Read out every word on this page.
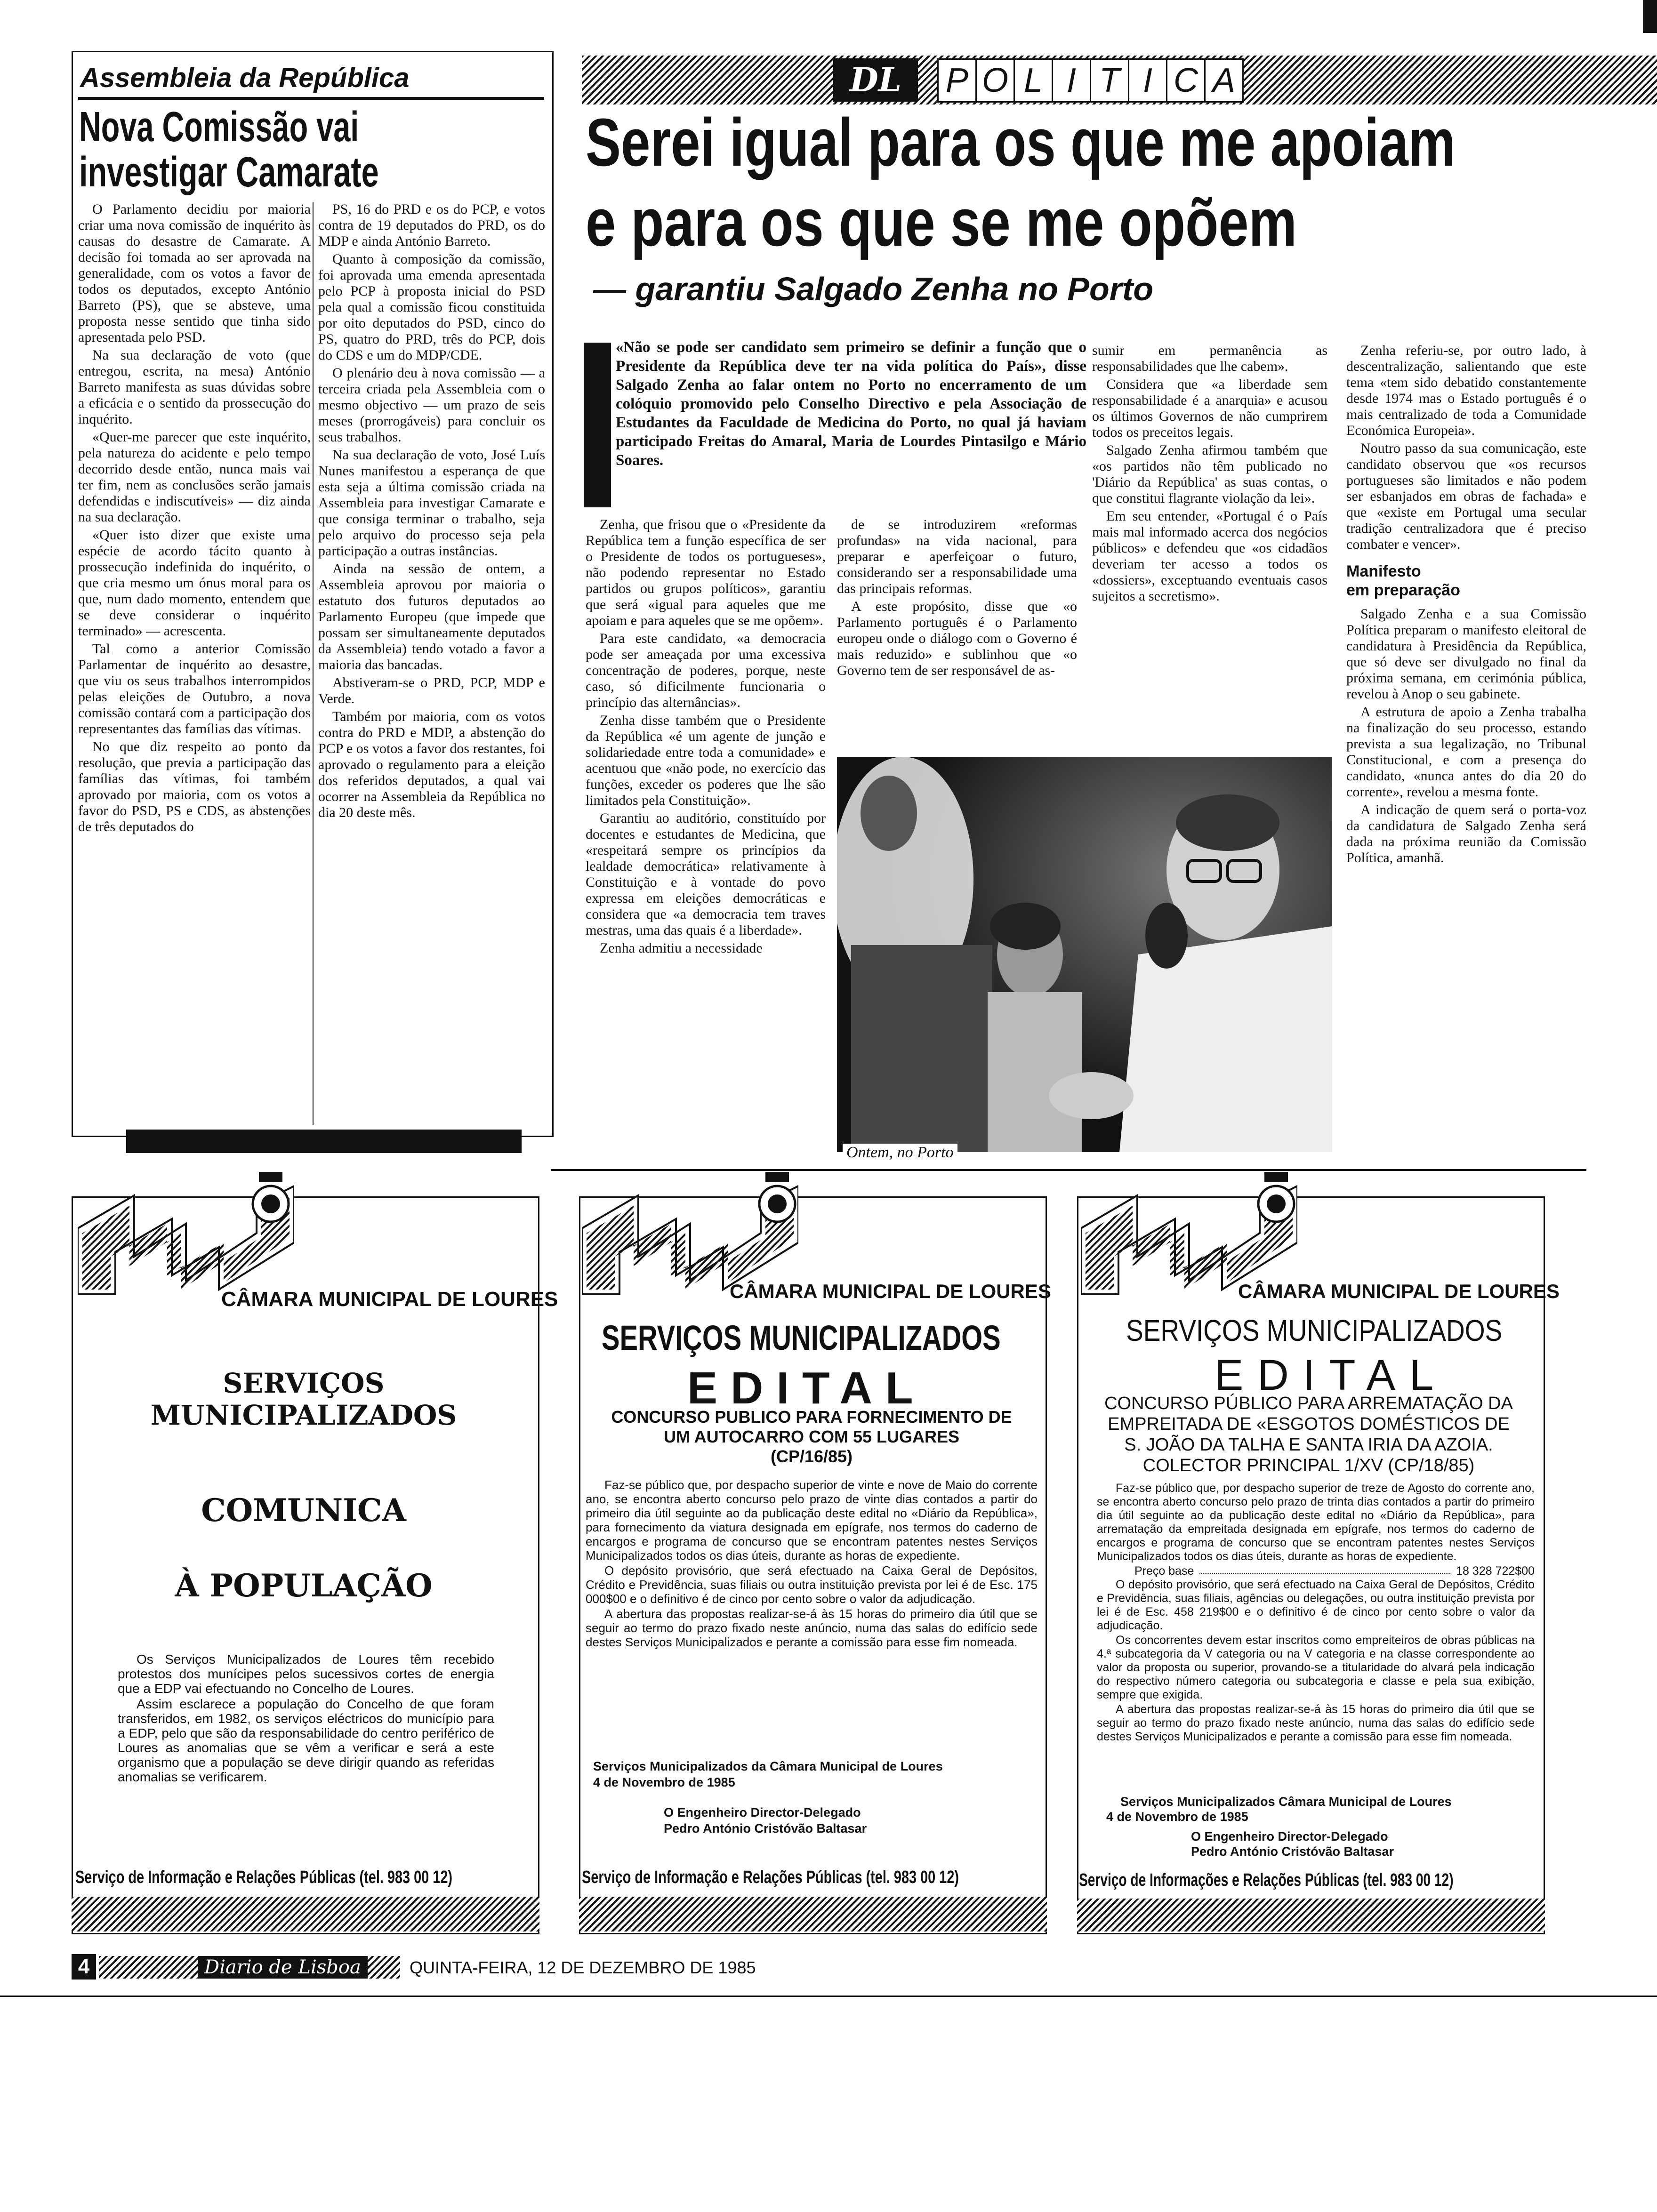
Assembleia da República
Nova Comissão vai
investigar Camarate

O Parlamento decidiu por maioria criar uma nova comissão de inquérito às causas do desastre de Camarate. A decisão foi tomada ao ser aprovada na generalidade, com os votos a favor de todos os deputados, excepto António Barreto (PS), que se absteve, uma proposta nesse sentido que tinha sido apresentada pelo PSD.

Na sua declaração de voto (que entregou, escrita, na mesa) António Barreto manifesta as suas dúvidas sobre a eficácia e o sentido da prossecução do inquérito.

«Quer-me parecer que este inquérito, pela natureza do acidente e pelo tempo decorrido desde então, nunca mais vai ter fim, nem as conclusões serão jamais defendidas e indiscutíveis» — diz ainda na sua declaração.

«Quer isto dizer que existe uma espécie de acordo tácito quanto à prossecução indefinida do inquérito, o que cria mesmo um ónus moral para os que, num dado momento, entendem que se deve considerar o inquérito terminado» — acrescenta.

Tal como a anterior Comissão Parlamentar de inquérito ao desastre, que viu os seus trabalhos interrompidos pelas eleições de Outubro, a nova comissão contará com a participação dos representantes das famílias das vítimas.

No que diz respeito ao ponto da resolução, que previa a participação das famílias das vítimas, foi também aprovado por maioria, com os votos a favor do PSD, PS e CDS, as abstenções de três deputados do

PS, 16 do PRD e os do PCP, e votos contra de 19 deputados do PRD, os do MDP e ainda António Barreto.

Quanto à composição da comissão, foi aprovada uma emenda apresentada pelo PCP à proposta inicial do PSD pela qual a comissão ficou constituida por oito deputados do PSD, cinco do PS, quatro do PRD, três do PCP, dois do CDS e um do MDP/CDE.

O plenário deu à nova comissão — a terceira criada pela Assembleia com o mesmo objectivo — um prazo de seis meses (prorrogáveis) para concluir os seus trabalhos.

Na sua declaração de voto, José Luís Nunes manifestou a esperança de que esta seja a última comissão criada na Assembleia para investigar Camarate e que consiga terminar o trabalho, seja pelo arquivo do processo seja pela participação a outras instâncias.

Ainda na sessão de ontem, a Assembleia aprovou por maioria o estatuto dos futuros deputados ao Parlamento Europeu (que impede que possam ser simultaneamente deputados da Assembleia) tendo votado a favor a maioria das bancadas.

Abstiveram-se o PRD, PCP, MDP e Verde.

Também por maioria, com os votos contra do PRD e MDP, a abstenção do PCP e os votos a favor dos restantes, foi aprovado o regulamento para a eleição dos referidos deputados, a qual vai ocorrer na Assembleia da República no dia 20 deste mês.

DL	P O L I T I C A
Serei igual para os que me apoiam
e para os que se me opõem
— garantiu Salgado Zenha no Porto
«Não se pode ser candidato sem primeiro se definir a função que o Presidente da República deve ter na vida política do País», disse Salgado Zenha ao falar ontem no Porto no encerramento de um colóquio promovido pelo Conselho Directivo e pela Associação de Estudantes da Faculdade de Medicina do Porto, no qual já haviam participado Freitas do Amaral, Maria de Lourdes Pintasilgo e Mário Soares.

Zenha, que frisou que o «Presidente da República tem a função específica de ser o Presidente de todos os portugueses», não podendo representar no Estado partidos ou grupos políticos», garantiu que será «igual para aqueles que me apoiam e para aqueles que se me opõem».

Para este candidato, «a democracia pode ser ameaçada por uma excessiva concentração de poderes, porque, neste caso, só dificilmente funcionaria o princípio das alternâncias».

Zenha disse também que o Presidente da República «é um agente de junção e solidariedade entre toda a comunidade» e acentuou que «não pode, no exercício das funções, exceder os poderes que lhe são limitados pela Constituição».

Garantiu ao auditório, constituído por docentes e estudantes de Medicina, que «respeitará sempre os princípios da lealdade democrática» relativamente à Constituição e à vontade do povo expressa em eleições democráticas e considera que «a democracia tem traves mestras, uma das quais é a liberdade».

Zenha admitiu a necessidade

de se introduzirem «reformas profundas» na vida nacional, para preparar e aperfeiçoar o futuro, considerando ser a responsabilidade uma das principais reformas.

A este propósito, disse que «o Parlamento português é o Parlamento europeu onde o diálogo com o Governo é mais reduzido» e sublinhou que «o Governo tem de ser responsável de as-

sumir em permanência as responsabilidades que lhe cabem».

Considera que «a liberdade sem responsabilidade é a anarquia» e acusou os últimos Governos de não cumprirem todos os preceitos legais.

Salgado Zenha afirmou também que «os partidos não têm publicado no 'Diário da República' as suas contas, o que constitui flagrante violação da lei».

Em seu entender, «Portugal é o País mais mal informado acerca dos negócios públicos» e defendeu que «os cidadãos deveriam ter acesso a todos os «dossiers», exceptuando eventuais casos sujeitos a secretismo».

Zenha referiu-se, por outro lado, à descentralização, salientando que este tema «tem sido debatido constantemente desde 1974 mas o Estado português é o mais centralizado de toda a Comunidade Económica Europeia».

Noutro passo da sua comunicação, este candidato observou que «os recursos portugueses são limitados e não podem ser esbanjados em obras de fachada» e que «existe em Portugal uma secular tradição centralizadora que é preciso combater e vencer».

Manifesto
em preparação

Salgado Zenha e a sua Comissão Política preparam o manifesto eleitoral de candidatura à Presidência da República, que só deve ser divulgado no final da próxima semana, em cerimónia pública, revelou à Anop o seu gabinete.

A estrutura de apoio a Zenha trabalha na finalização do seu processo, estando prevista a sua legalização, no Tribunal Constitucional, e com a presença do candidato, «nunca antes do dia 20 do corrente», revelou a mesma fonte.

A indicação de quem será o porta-voz da candidatura de Salgado Zenha será dada na próxima reunião da Comissão Política, amanhã.

Ontem, no Porto
CÂMARA MUNICIPAL DE LOURES
SERVIÇOS MUNICIPALIZADOS
COMUNICA
À POPULAÇÃO

Os Serviços Municipalizados de Loures têm recebido protestos dos munícipes pelos sucessivos cortes de energia que a EDP vai efectuando no Concelho de Loures.

Assim esclarece a população do Concelho de que foram transferidos, em 1982, os serviços eléctricos do município para a EDP, pelo que são da responsabilidade do centro periférico de Loures as anomalias que se vêm a verificar e será a este organismo que a população se deve dirigir quando as referidas anomalias se verificarem.

Serviço de Informação e Relações Públicas (tel. 983 00 12)
CÂMARA MUNICIPAL DE LOURES
SERVIÇOS MUNICIPALIZADOS
EDITAL
CONCURSO PUBLICO PARA FORNECIMENTO DE
UM AUTOCARRO COM 55 LUGARES
(CP/16/85)

Faz-se público que, por despacho superior de vinte e nove de Maio do corrente ano, se encontra aberto concurso pelo prazo de vinte dias contados a partir do primeiro dia útil seguinte ao da publicação deste edital no «Diário da República», para fornecimento da viatura designada em epígrafe, nos termos do caderno de encargos e programa de concurso que se encontram patentes nestes Serviços Municipalizados todos os dias úteis, durante as horas de expediente.

O depósito provisório, que será efectuado na Caixa Geral de Depósitos, Crédito e Previdência, suas filiais ou outra instituição prevista por lei é de Esc. 175 000$00 e o definitivo é de cinco por cento sobre o valor da adjudicação.

A abertura das propostas realizar-se-á às 15 horas do primeiro dia útil que se seguir ao termo do prazo fixado neste anúncio, numa das salas do edifício sede destes Serviços Municipalizados e perante a comissão para esse fim nomeada.

Serviços Municipalizados da Câmara Municipal de Loures
4 de Novembro de 1985
O Engenheiro Director-Delegado
Pedro António Cristóvão Baltasar
Serviço de Informação e Relações Públicas (tel. 983 00 12)
CÂMARA MUNICIPAL DE LOURES
SERVIÇOS MUNICIPALIZADOS
EDITAL
CONCURSO PÚBLICO PARA ARREMATAÇÃO DA
EMPREITADA DE «ESGOTOS DOMÉSTICOS DE
S. JOÃO DA TALHA E SANTA IRIA DA AZOIA.
COLECTOR PRINCIPAL 1/XV (CP/18/85)

Faz-se público que, por despacho superior de treze de Agosto do corrente ano, se encontra aberto concurso pelo prazo de trinta dias contados a partir do primeiro dia útil seguinte ao da publicação deste edital no «Diário da República», para arrematação da empreitada designada em epígrafe, nos termos do caderno de encargos e programa de concurso que se encontram patentes nestes Serviços Municipalizados todos os dias úteis, durante as horas de expediente.

Preço base	18 328 722$00

O depósito provisório, que será efectuado na Caixa Geral de Depósitos, Crédito e Previdência, suas filiais, agências ou delegações, ou outra instituição prevista por lei é de Esc. 458 219$00 e o definitivo é de cinco por cento sobre o valor da adjudicação.

Os concorrentes devem estar inscritos como empreiteiros de obras públicas na 4.ª subcategoria da V categoria ou na V categoria e na classe correspondente ao valor da proposta ou superior, provando-se a titularidade do alvará pela indicação do respectivo número categoria ou subcategoria e classe e pela sua exibição, sempre que exigida.

A abertura das propostas realizar-se-á às 15 horas do primeiro dia útil que se seguir ao termo do prazo fixado neste anúncio, numa das salas do edifício sede destes Serviços Municipalizados e perante a comissão para esse fim nomeada.

Serviços Municipalizados Câmara Municipal de Loures
4 de Novembro de 1985
O Engenheiro Director-Delegado
Pedro António Cristóvão Baltasar
Serviço de Informações e Relações Públicas (tel. 983 00 12)
4	Diario de Lisboa	QUINTA-FEIRA, 12 DE DEZEMBRO DE 1985
